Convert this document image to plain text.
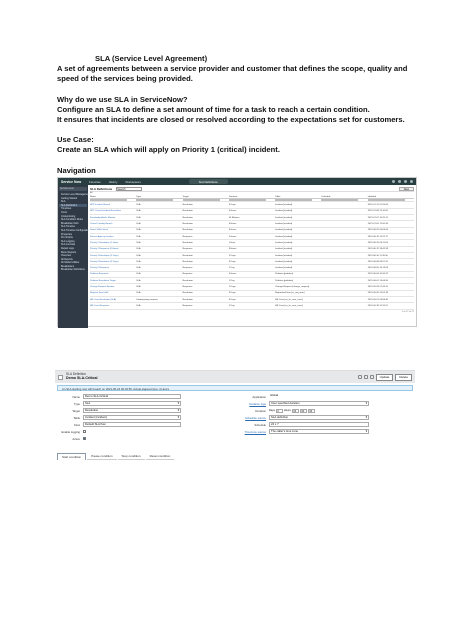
SLA (Service Level Agreement)
A set of agreements between a service provider and customer that defines the scope, quality and speed of the services being provided.
Why do we use SLA in ServiceNow?
Configure an SLA to define a set amount of time for a task to reach a certain condition.
It ensures that incidents are closed or resolved according to the expectations set for customers.
Use Case:
Create an SLA which will apply on Priority 1 (critical) incident.
Navigation
Service Now	Favorites	History	Workspaces	SLA Definitions
Service level
Service Level Management
Getting Started
SLA
SLA Definitions
Timelines
OLAs
Underpinning
SLA Condition Rules
Breakdown Defs
SLA Timeline
SLA Timeline Configuration
Properties
Pre-Scripts
SLA Logging
SLA Journals
Repair Logs
Menu Reports
Overview
All Reports
All Model Utilities
Breakdowns
Breakdown Definitions
SLA Definitions	Search	New
All
Name	Type	Target	Duration	Table	Schedule	Updated

HPP Incident Breach	SLA	Resolution	4 Days	Incident [incident]		2021-07-11 07:03:43
HPP Critical Incident Resolution	SLA	Resolution	4 Hours	Incident [incident]		2021-07-08 15:10:00
Knowledge Article Monitor	SLA	Resolution	30 Minutes	Incident [incident]		2021-07-07 10:20:11
Critical Catalog Breach	SLA	Resolution	6 Hours	Incident [incident]		2021-07-02 12:50:34
Demo SLA-Critical	SLA	Resolution	4 Hours	Incident [incident]		2021-06-22 06:04:56
Service Agency Incident	SLA	Response	2 Hours	Incident [incident]		2021-06-19 14:22:17
Priority 1 Resolution (1 Hour)	SLA	Resolution	1 Hour	Incident [incident]		2021-06-15 09:11:03
Priority 2 Response (8 Hours)	SLA	Response	8 Hours	Incident [incident]		2021-06-12 18:42:28
Priority 3 Resolution (2 Days)	SLA	Resolution	2 Days	Incident [incident]		2021-06-10 11:35:50
Priority 4 Resolution (5 Days)	SLA	Resolution	5 Days	Incident [incident]		2021-06-08 08:27:41
Priority 5 Response	SLA	Response	1 Day	Incident [incident]		2021-06-05 16:13:09
Problem Response	SLA	Response	4 Hours	Problem [problem]		2021-06-03 10:50:22
Problem Resolution Target	SLA	Resolution	1 Day	Problem [problem]		2021-06-01 13:06:55
Change Request Review	SLA	Response	2 Days	Change Request [change_request]		2021-05-29 07:44:31
Request Item Fulfil	SLA	Resolution	3 Days	Requested Item [sc_req_item]		2021-05-26 15:02:18
HR Case Resolution (SLA)	Underpinning contract	Resolution	5 Days	HR Case [sn_hr_core_case]		2021-05-21 09:58:40
HR Case Response	SLA	Response	1 Day	HR Case [sn_hr_core_case]		2021-05-18 12:31:07
1 to 17 of 17
SLA Definition
Demo SLA-Critical	Update	Delete
An SLA starting now will breach on 2021-06-22 06:04:56. Actual elapsed time: 4 Hours
Name	Demo SLA-Critical
Type	SLA ▾
Target	Resolution ▾
Table	Incident [incident] ▾
Flow	Default SLA flow
Enable logging
Active
Application	Global
Duration type	User specified duration ▾
Duration	Days 0	Hours 04	00	00
Schedule source	SLA definition ▾
Schedule	24 x 7
Timezone source	The caller's time zone ▾
Start condition	Pause condition	Stop condition	Reset condition
